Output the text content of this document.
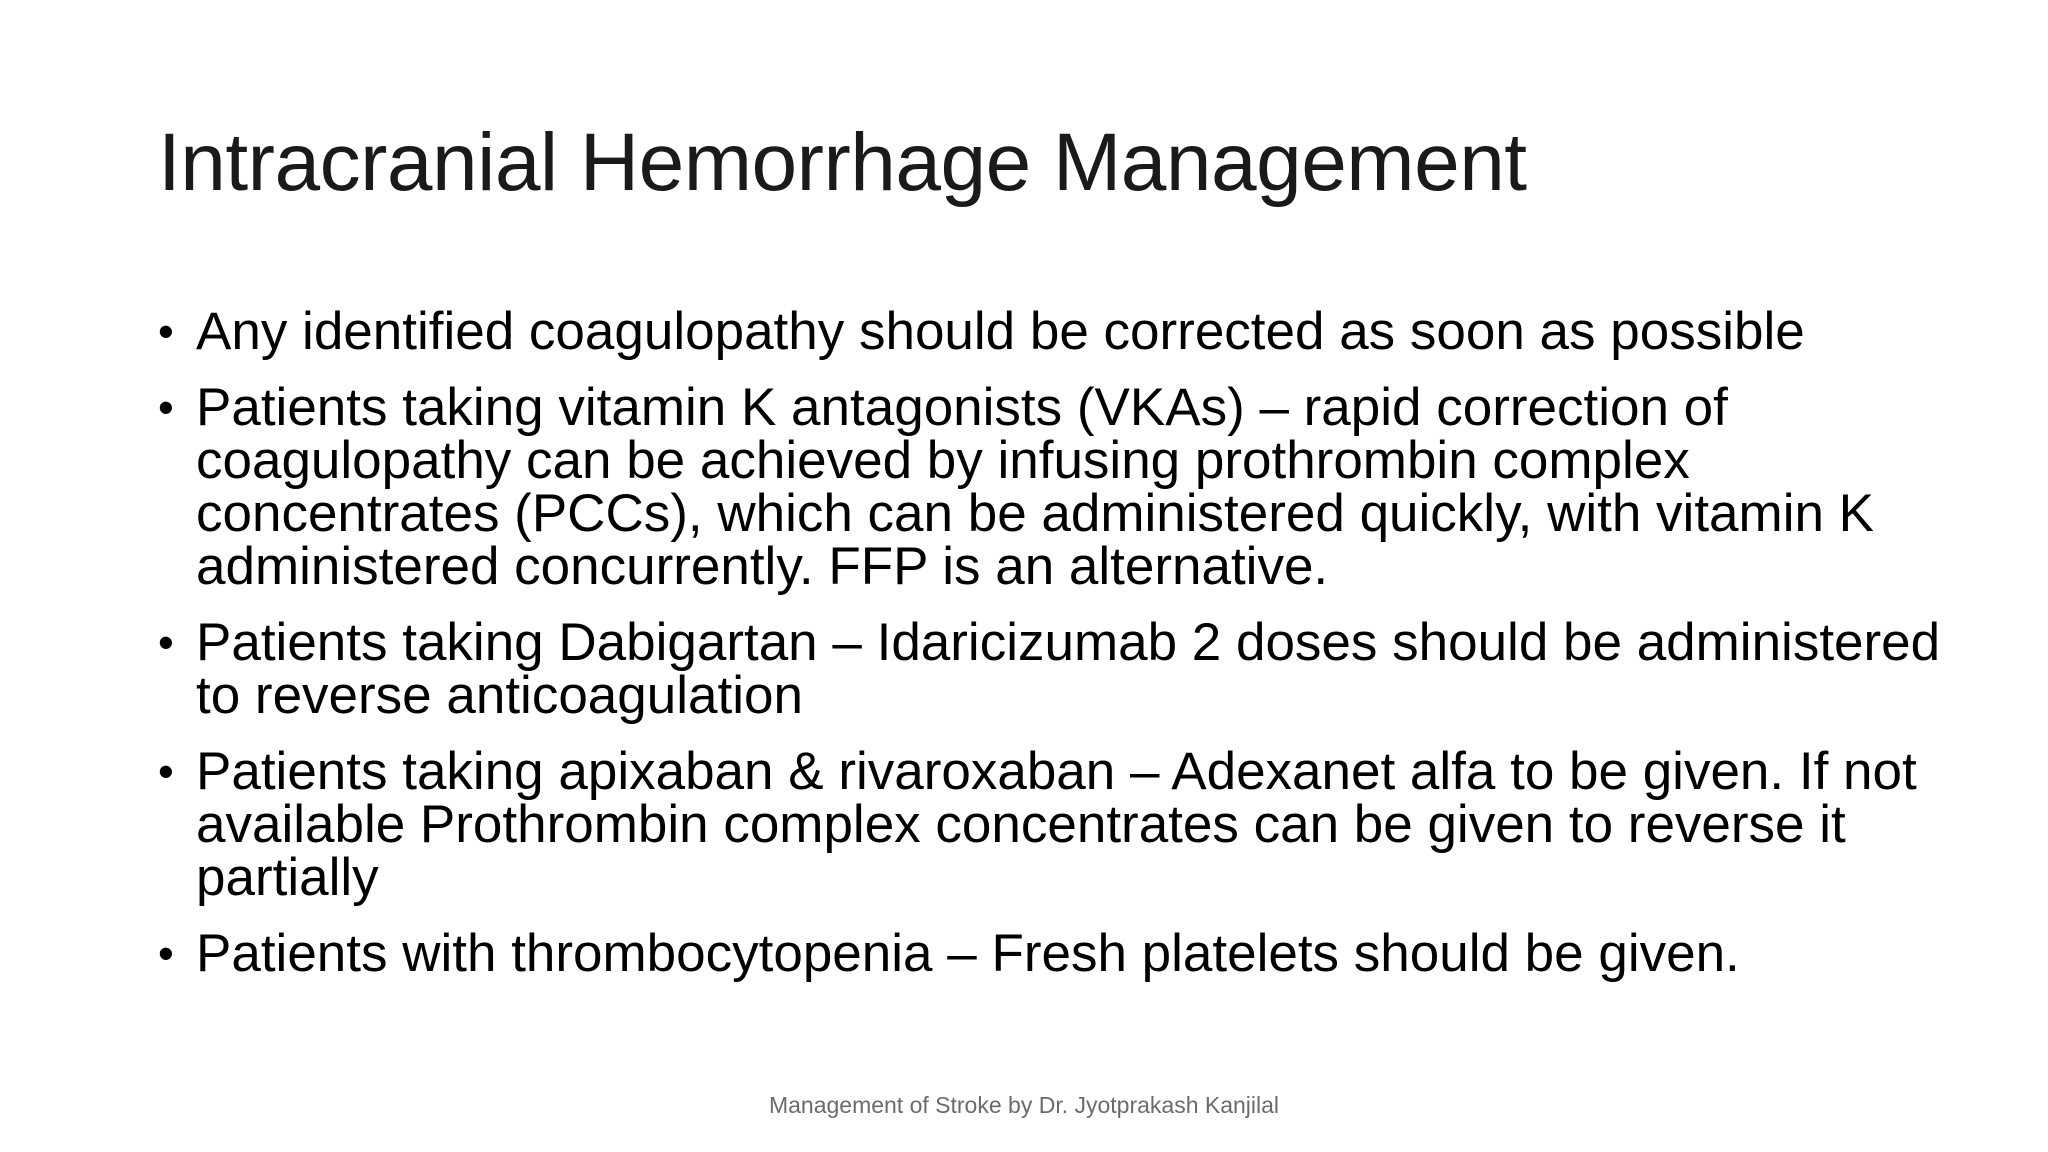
Intracranial Hemorrhage Management
• Any identified coagulopathy should be corrected as soon as possible
• Patients taking vitamin K antagonists (VKAs) – rapid correction of coagulopathy can be achieved by infusing prothrombin complex concentrates (PCCs), which can be administered quickly, with vitamin K administered concurrently. FFP is an alternative.
• Patients taking Dabigartan – Idaricizumab 2 doses should be administered to reverse anticoagulation
• Patients taking apixaban & rivaroxaban – Adexanet alfa to be given. If not available Prothrombin complex concentrates can be given to reverse it partially
• Patients with thrombocytopenia – Fresh platelets should be given.
Management of Stroke by Dr. Jyotprakash Kanjilal
